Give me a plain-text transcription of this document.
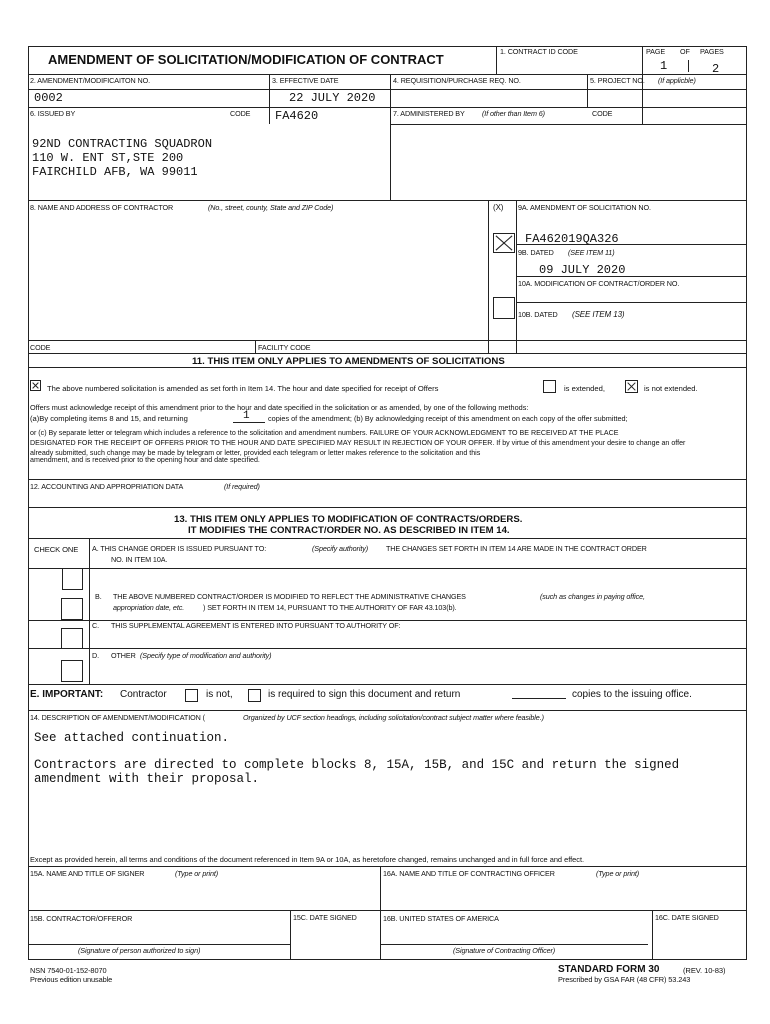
AMENDMENT OF SOLICITATION/MODIFICATION OF CONTRACT
1. CONTRACT ID CODE	PAGE OF PAGES
1	2
2. AMENDMENT/MODIFICAITON NO.
0002
3. EFFECTIVE DATE
22 JULY 2020
4. REQUISITION/PURCHASE REQ. NO.	5. PROJECT NO. (If applicble)
6. ISSUED BY	CODE FA4620	7. ADMINISTERED BY (If other than Item 6)	CODE
92ND CONTRACTING SQUADRON
110 W. ENT ST,STE 200
FAIRCHILD AFB, WA 99011
8. NAME AND ADDRESS OF CONTRACTOR	(No., street, county, State and ZIP Code)	(X) 9A. AMENDMENT OF SOLICITATION NO.
FA462019QA326
9B. DATED (SEE ITEM 11)
09 JULY 2020
10A. MODIFICATION OF CONTRACT/ORDER NO.
10B. DATED (SEE ITEM 13)
CODE	FACILITY CODE
11. THIS ITEM ONLY APPLIES TO AMENDMENTS OF SOLICITATIONS
The above numbered solicitation is amended as set forth in Item 14. The hour and date specified for receipt of Offers	is extended,	is not extended.
Offers must acknowledge receipt of this amendment prior to the hour and date specified in the solicitation or as amended, by one of the following methods:
(a)By completing items 8 and 15, and returning	1	copies of the amendment; (b) By acknowledging receipt of this amendment on each copy of the offer submitted;
or (c) By separate letter or telegram which includes a reference to the solicitation and amendment numbers. FAILURE OF YOUR ACKNOWLEDGMENT TO BE RECEIVED AT THE PLACE
DESIGNATED FOR THE RECEIPT OF OFFERS PRIOR TO THE HOUR AND DATE SPECIFIED MAY RESULT IN REJECTION OF YOUR OFFER. If by virtue of this amendment your desire to change an offer
already submitted, such change may be made by telegram or letter, provided each telegram or letter makes reference to the solicitation and this
amendment, and is received prior to the opening hour and date specified.
12. ACCOUNTING AND APPROPRIATION DATA	(If required)
13. THIS ITEM ONLY APPLIES TO MODIFICATION OF CONTRACTS/ORDERS.
IT MODIFIES THE CONTRACT/ORDER NO. AS DESCRIBED IN ITEM 14.
CHECK ONE A. THIS CHANGE ORDER IS ISSUED PURSUANT TO:	(Specify authority) THE CHANGES SET FORTH IN ITEM 14 ARE MADE IN THE CONTRACT ORDER
NO. IN ITEM 10A.
B. THE ABOVE NUMBERED CONTRACT/ORDER IS MODIFIED TO REFLECT THE ADMINISTRATIVE CHANGES	(such as changes in paying office,
appropriation date, etc.	) SET FORTH IN ITEM 14, PURSUANT TO THE AUTHORITY OF FAR 43.103(b).
C. THIS SUPPLEMENTAL AGREEMENT IS ENTERED INTO PURSUANT TO AUTHORITY OF:
D. OTHER (Specify type of modification and authority)
E. IMPORTANT: Contractor	is not,	is required to sign this document and return	copies to the issuing office.
14. DESCRIPTION OF AMENDMENT/MODIFICATION (	Organized by UCF section headings, including solicitation/contract subject matter where feasible.)
See attached continuation.
Contractors are directed to complete blocks 8, 15A, 15B, and 15C and return the signed
amendment with their proposal.
Except as provided herein, all terms and conditions of the document referenced in Item 9A or 10A, as heretofore changed, remains unchanged and in full force and effect.
15A. NAME AND TITLE OF SIGNER	(Type or print)	16A. NAME AND TITLE OF CONTRACTING OFFICER	(Type or print)
15B. CONTRACTOR/OFFEROR	15C. DATE SIGNED	16B. UNITED STATES OF AMERICA	16C. DATE SIGNED
(Signature of person authorized to sign)	(Signature of Contracting Officer)
NSN 7540-01-152-8070
Previous edition unusable
STANDARD FORM 30	(REV. 10-83)
Prescribed by GSA FAR (48 CFR) 53.243
